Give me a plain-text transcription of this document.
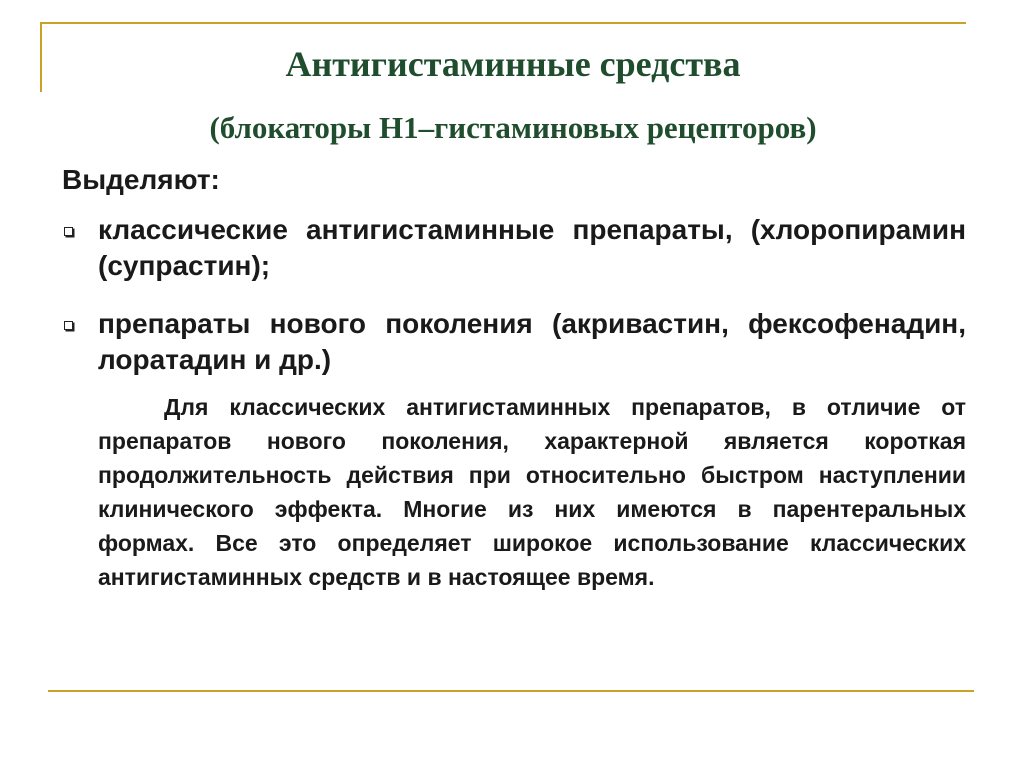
Антигистаминные средства
(блокаторы Н1–гистаминовых рецепторов)

Выделяют:

классические антигистаминные препараты, (хлоропирамин (супрастин);
препараты нового поколения (акривастин, фексофенадин, лоратадин и др.)

Для классических антигистаминных препаратов, в отличие от препаратов нового поколения, характерной является короткая продолжительность действия при относительно быстром наступлении клинического эффекта. Многие из них имеются в парентеральных формах. Все это определяет широкое использование классических антигистаминных средств и в настоящее время.
